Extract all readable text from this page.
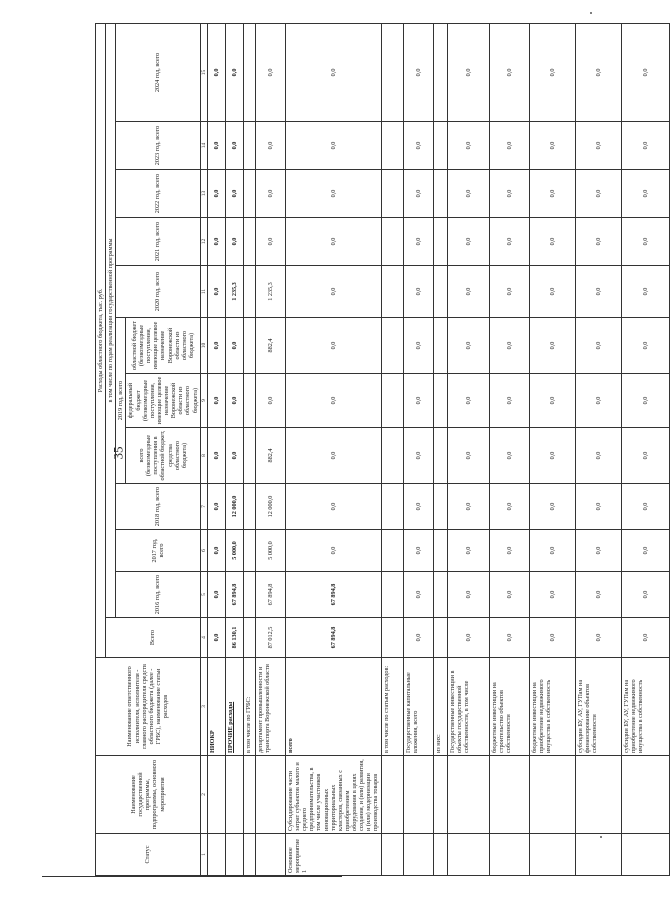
35
Статус	Наименование государственной программы, подпрограммы, основного мероприятия	Наименование ответственного исполнителя, исполнителя - главного распорядителя средств областного бюджета (далее - ГРБС), наименование статьи расходов	Расходы областного бюджета, тыс. руб.											
			Всего	в том числе по годам реализации государственной программы										
				2016 год, всего	2017 год, всего	2018 год, всего	2019 год, всего			2020 год, всего	2021 год, всего	2022 год, всего	2023 год, всего	2024 год, всего
							всего (безвозмездные поступления в областной бюджет, средства областного бюджета)	федеральный бюджет (безвозмездные поступления, имеющие целевое назначение Воронежской области из областного бюджета)	областной бюджет (безвозмездные поступления, имеющие целевое назначение Воронежской области из областного бюджета)					
1	2	3	4	5	6	7	8	9	10	11	12	13	14	15
		НИОКР	0,0	0,0	0,0	0,0	0,0	0,0	0,0	0,0	0,0	0,0	0,0	0,0
		ПРОЧИЕ расходы	86 130,1	67 894,8	5 000,0	12 000,0	0,0	0,0	0,0	1 235,3	0,0	0,0	0,0	0,0
		в том числе по ГРБС:												
		департамент промышленности и транспорта Воронежской области	87 012,5	67 894,8	5 000,0	12 000,0	882,4	0,0	882,4	1 235,3	0,0	0,0	0,0	0,0
Основное мероприятие 1	Субсидирование части затрат субъектов малого и среднего предпринимательства, в том числе участников инновационных территориальных кластеров, связанных с приобретением оборудования в целях создания, и (или) развития, и (или) модернизации производства товаров	всего	67 894,8	67 894,8	0,0	0,0	0,0	0,0	0,0	0,0	0,0	0,0	0,0	0,0
		в том числе по статьям расходов:												
		Государственные капитальные вложения, всего	0,0	0,0	0,0	0,0	0,0	0,0	0,0	0,0	0,0	0,0	0,0	0,0
		из них:												
		Государственные инвестиции в объекты государственной собственности, в том числе	0,0	0,0	0,0	0,0	0,0	0,0	0,0	0,0	0,0	0,0	0,0	0,0
		бюджетные инвестиции на строительство объектов собственности	0,0	0,0	0,0	0,0	0,0	0,0	0,0	0,0	0,0	0,0	0,0	0,0
		бюджетные инвестиции на приобретение недвижимого имущества в собственность	0,0	0,0	0,0	0,0	0,0	0,0	0,0	0,0	0,0	0,0	0,0	0,0
		субсидии БУ, АУ, ГУПам на финансирование объектов собственности	0,0	0,0	0,0	0,0	0,0	0,0	0,0	0,0	0,0	0,0	0,0	0,0
		субсидии БУ, АУ, ГУПам на приобретение недвижимого имущества в собственность	0,0	0,0	0,0	0,0	0,0	0,0	0,0	0,0	0,0	0,0	0,0	0,0
